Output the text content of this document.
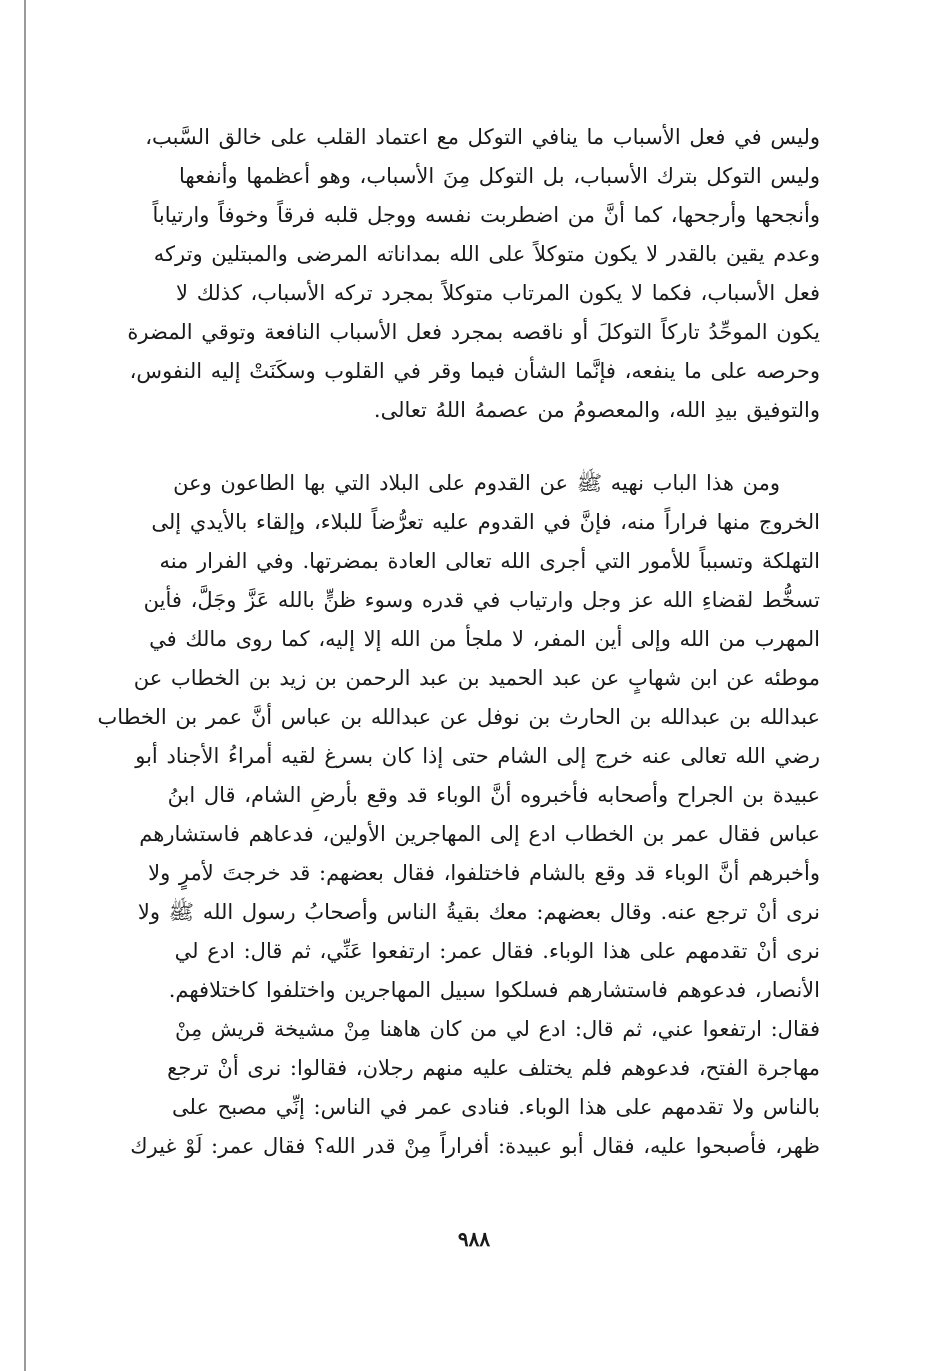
وليس في فعل الأسباب ما ينافي التوكل مع اعتماد القلب على خالق السَّبب،
وليس التوكل بترك الأسباب، بل التوكل مِنَ الأسباب، وهو أعظمها وأنفعها
وأنجحها وأرجحها، كما أنَّ من اضطربت نفسه ووجل قلبه فرقاً وخوفاً وارتياباً
وعدم يقين بالقدر لا يكون متوكلاً على الله بمداناته المرضى والمبتلين وتركه
فعل الأسباب، فكما لا يكون المرتاب متوكلاً بمجرد تركه الأسباب، كذلك لا
يكون الموحِّدُ تاركاً التوكلَ أو ناقصه بمجرد فعل الأسباب النافعة وتوقي المضرة
وحرصه على ما ينفعه، فإنَّما الشأن فيما وقر في القلوب وسكَنَتْ إليه النفوس،
والتوفيق بيدِ الله، والمعصومُ من عصمهُ اللهُ تعالى.
ومن هذا الباب نهيه ﷺ عن القدوم على البلاد التي بها الطاعون وعن
الخروج منها فراراً منه، فإنَّ في القدوم عليه تعرُّضاً للبلاء، وإلقاء بالأيدي إلى
التهلكة وتسبباً للأمور التي أجرى الله تعالى العادة بمضرتها. وفي الفرار منه
تسخُّط لقضاءِ الله عز وجل وارتياب في قدره وسوء ظنٍّ بالله عَزَّ وجَلَّ، فأين
المهرب من الله وإلى أين المفر، لا ملجأ من الله إلا إليه، كما روى مالك في
موطئه عن ابن شهابٍ عن عبد الحميد بن عبد الرحمن بن زيد بن الخطاب عن
عبدالله بن عبدالله بن الحارث بن نوفل عن عبدالله بن عباس أنَّ عمر بن الخطاب
رضي الله تعالى عنه خرج إلى الشام حتى إذا كان بسرغ لقيه أمراءُ الأجناد أبو
عبيدة بن الجراح وأصحابه فأخبروه أنَّ الوباء قد وقع بأرضِ الشام، قال ابنُ
عباس فقال عمر بن الخطاب ادع إلى المهاجرين الأولين، فدعاهم فاستشارهم
وأخبرهم أنَّ الوباء قد وقع بالشام فاختلفوا، فقال بعضهم: قد خرجتَ لأمرٍ ولا
نرى أنْ ترجع عنه. وقال بعضهم: معك بقيةُ الناس وأصحابُ رسول الله ﷺ ولا
نرى أنْ تقدمهم على هذا الوباء. فقال عمر: ارتفعوا عَنِّي، ثم قال: ادع لي
الأنصار، فدعوهم فاستشارهم فسلكوا سبيل المهاجرين واختلفوا كاختلافهم.
فقال: ارتفعوا عني، ثم قال: ادع لي من كان هاهنا مِنْ مشيخة قريش مِنْ
مهاجرة الفتح، فدعوهم فلم يختلف عليه منهم رجلان، فقالوا: نرى أنْ ترجع
بالناس ولا تقدمهم على هذا الوباء. فنادى عمر في الناس: إنِّي مصبح على
ظهر، فأصبحوا عليه، فقال أبو عبيدة: أفراراً مِنْ قدر الله؟ فقال عمر: لَوْ غيرك
٩٨٨
